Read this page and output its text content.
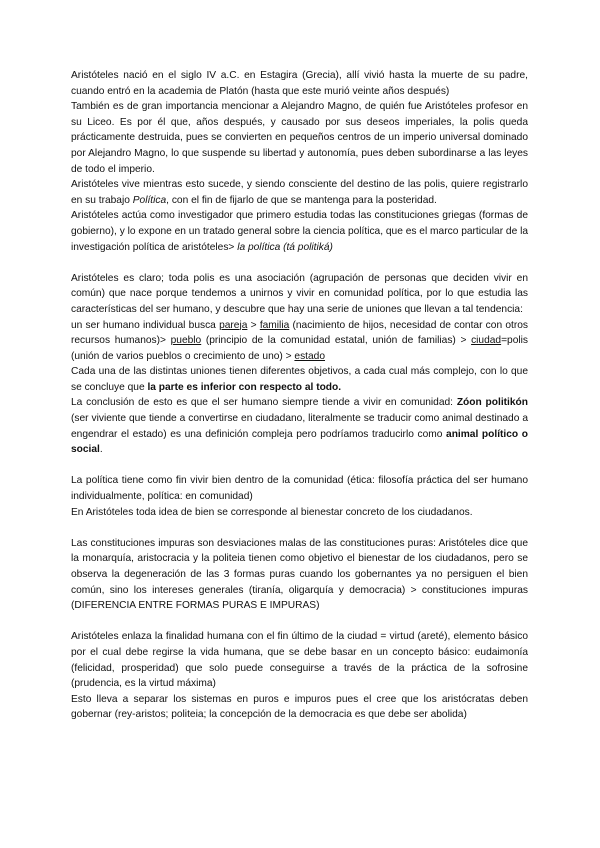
Aristóteles nació en el siglo IV a.C. en Estagira (Grecia), allí vivió hasta la muerte de su padre, cuando entró en la academia de Platón (hasta que este murió veinte años después)

También es de gran importancia mencionar a Alejandro Magno, de quién fue Aristóteles profesor en su Liceo. Es por él que, años después, y causado por sus deseos imperiales, la polis queda prácticamente destruida, pues se convierten en pequeños centros de un imperio universal dominado por Alejandro Magno, lo que suspende su libertad y autonomía, pues deben subordinarse a las leyes de todo el imperio.

Aristóteles vive mientras esto sucede, y siendo consciente del destino de las polis, quiere registrarlo en su trabajo Política, con el fin de fijarlo de que se mantenga para la posteridad.

Aristóteles actúa como investigador que primero estudia todas las constituciones griegas (formas de gobierno), y lo expone en un tratado general sobre la ciencia política, que es el marco particular de la investigación política de aristóteles> la política (tá politiká)

Aristóteles es claro; toda polis es una asociación (agrupación de personas que deciden vivir en común) que nace porque tendemos a unirnos y vivir en comunidad política, por lo que estudia las características del ser humano, y descubre que hay una serie de uniones que llevan a tal tendencia:

un ser humano individual busca pareja > familia (nacimiento de hijos, necesidad de contar con otros recursos humanos)> pueblo (principio de la comunidad estatal, unión de familias) > ciudad=polis (unión de varios pueblos o crecimiento de uno) > estado

Cada una de las distintas uniones tienen diferentes objetivos, a cada cual más complejo, con lo que se concluye que la parte es inferior con respecto al todo.

La conclusión de esto es que el ser humano siempre tiende a vivir en comunidad: Zóon politikón (ser viviente que tiende a convertirse en ciudadano, literalmente se traducir como animal destinado a engendrar el estado) es una definición compleja pero podríamos traducirlo como animal político o social.

La política tiene como fin vivir bien dentro de la comunidad (ética: filosofía práctica del ser humano individualmente, política: en comunidad)

En Aristóteles toda idea de bien se corresponde al bienestar concreto de los ciudadanos.

Las constituciones impuras son desviaciones malas de las constituciones puras: Aristóteles dice que la monarquía, aristocracia y la politeia tienen como objetivo el bienestar de los ciudadanos, pero se observa la degeneración de las 3 formas puras cuando los gobernantes ya no persiguen el bien común, sino los intereses generales (tiranía, oligarquía y democracia) > constituciones impuras (DIFERENCIA ENTRE FORMAS PURAS E IMPURAS)

Aristóteles enlaza la finalidad humana con el fin último de la ciudad = virtud (areté), elemento básico por el cual debe regirse la vida humana, que se debe basar en un concepto básico: eudaimonía (felicidad, prosperidad) que solo puede conseguirse a través de la práctica de la sofrosine (prudencia, es la virtud máxima)

Esto lleva a separar los sistemas en puros e impuros pues el cree que los aristócratas deben gobernar (rey-aristos; politeia; la concepción de la democracia es que debe ser abolida)
